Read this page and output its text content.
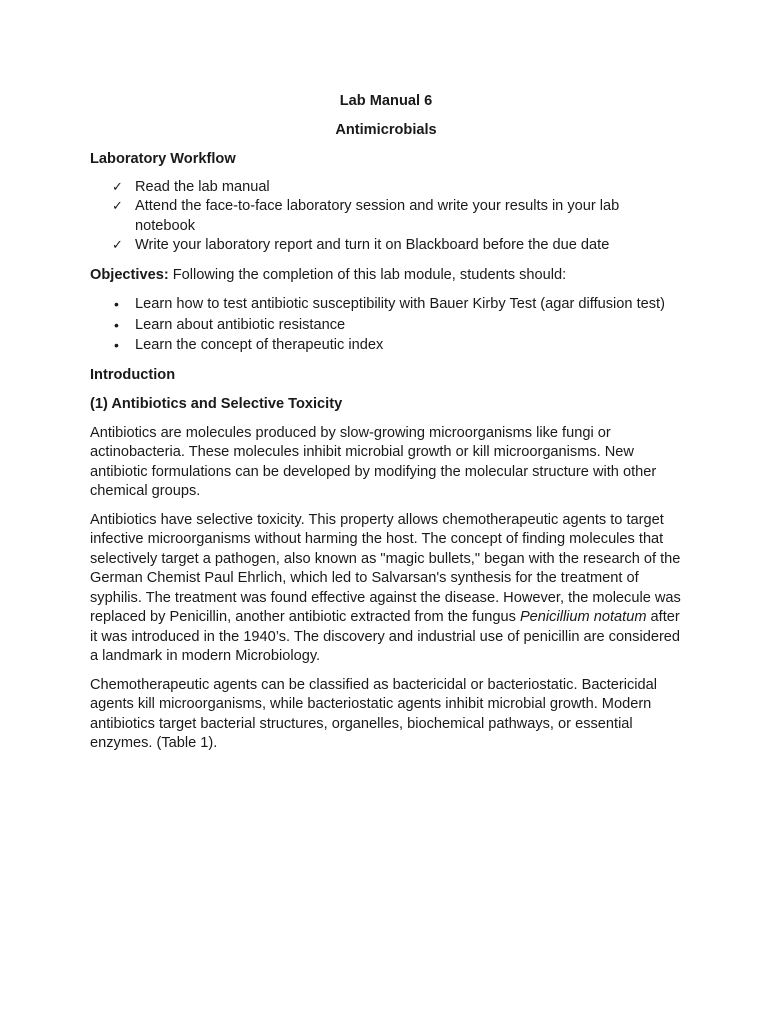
Lab Manual 6

Antimicrobials

Laboratory Workflow

✓ Read the lab manual
✓ Attend the face-to-face laboratory session and write your results in your lab notebook
✓ Write your laboratory report and turn it on Blackboard before the due date

Objectives: Following the completion of this lab module, students should:

• Learn how to test antibiotic susceptibility with Bauer Kirby Test (agar diffusion test)
• Learn about antibiotic resistance
• Learn the concept of therapeutic index

Introduction

(1) Antibiotics and Selective Toxicity

Antibiotics are molecules produced by slow-growing microorganisms like fungi or actinobacteria. These molecules inhibit microbial growth or kill microorganisms. New antibiotic formulations can be developed by modifying the molecular structure with other chemical groups.

Antibiotics have selective toxicity. This property allows chemotherapeutic agents to target infective microorganisms without harming the host. The concept of finding molecules that selectively target a pathogen, also known as "magic bullets," began with the research of the German Chemist Paul Ehrlich, which led to Salvarsan's synthesis for the treatment of syphilis. The treatment was found effective against the disease. However, the molecule was replaced by Penicillin, another antibiotic extracted from the fungus Penicillium notatum after it was introduced in the 1940’s. The discovery and industrial use of penicillin are considered a landmark in modern Microbiology.

Chemotherapeutic agents can be classified as bactericidal or bacteriostatic. Bactericidal agents kill microorganisms, while bacteriostatic agents inhibit microbial growth. Modern antibiotics target bacterial structures, organelles, biochemical pathways, or essential enzymes. (Table 1).
